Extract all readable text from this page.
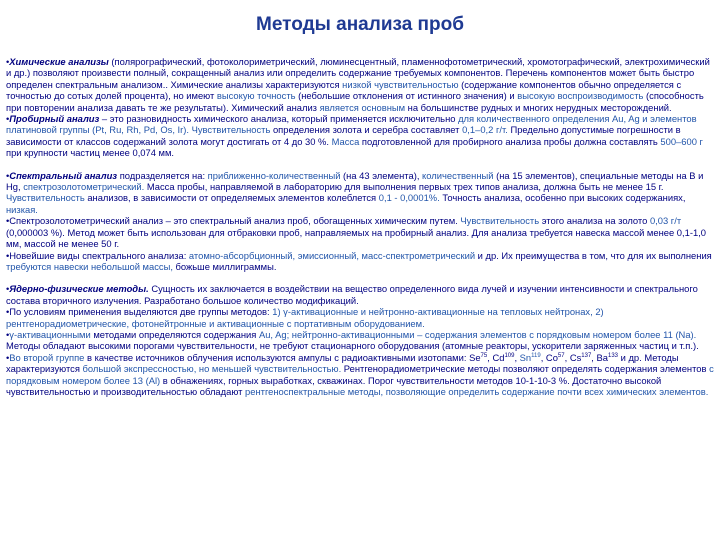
Методы анализа проб

•Химические анализы (полярографический, фотоколориметрический, люминесцентный, пламеннофотометрический, хромотографический, электрохимический и др.) позволяют произвести полный, сокращенный анализ или определить содержание требуемых компонентов. Перечень компонентов может быть быстро определен спектральным анализом.. Химические анализы характеризуются низкой чувствительностью (содержание компонентов обычно определяется с точностью до сотых долей процента), но имеют высокую точность (небольшие отклонения от истинного значения) и высокую воспроизводимость (способность при повторении анализа давать те же результаты). Химический анализ является основным на большинстве рудных и многих нерудных месторождений.

•Пробирный анализ – это разновидность химического анализа, который применяется исключительно для количественного определения Au, Ag и элементов платиновой группы (Pt, Ru, Rh, Pd, Os, Ir). Чувствительность определения золота и серебра составляет 0,1–0,2 г/т. Предельно допустимые погрешности в зависимости от классов содержаний золота могут достигать от 4 до 30 %. Масса подготовленной для пробирного анализа пробы должна составлять 500–600 г при крупности частиц менее 0,074 мм.

•Спектральный анализ подразделяется на: приближенно-количественный (на 43 элемента), количественный (на 15 элементов), специальные методы на В и Hg, спектрозолотометрический. Масса пробы, направляемой в лабораторию для выполнения первых трех типов анализа, должна быть не менее 15 г. Чувствительность анализов, в зависимости от определяемых элементов колеблется 0,1 - 0,0001%. Точность анализа, особенно при высоких содержаниях, низкая.

•Спектрозолотометрический анализ – это спектральный анализ проб, обогащенных химическим путем. Чувствительность этого анализа на золото 0,03 г/т (0,000003 %). Метод может быть использован для отбраковки проб, направляемых на пробирный анализ. Для анализа требуется навеска массой менее 0,1-1,0 мм, массой не менее 50 г.

•Новейшие виды спектрального анализа: атомно-абсорбционный, эмиссионный, масс-спектрометрический и др. Их преимущества в том, что для их выполнения требуются навески небольшой массы, божьше миллиграммы.

•Ядерно-физические методы. Сущность их заключается в воздействии на вещество определенного вида лучей и изучении интенсивности и спектрального состава вторичного излучения. Разработано большое количество модификаций.

•По условиям применения выделяются две группы методов: 1) γ-активационные и нейтронно-активационные на тепловых нейтронах, 2) рентгенорадиометрические, фотонейтронные и активационные с портативным оборудованием.

•γ-активационными методами определяются содержания Au, Ag; нейтронно-активационными – содержания элементов с порядковым номером более 11 (Na). Методы обладают высокими порогами чувствительности, не требуют стационарного оборудования (атомные реакторы, ускорители заряженных частиц и т.п.).

•Во второй группе в качестве источников облучения используются ампулы с радиоактивными изотопами: Se$^{75}$, Cd$^{109}$, Sn$^{119}$, Co$^{57}$, Cs$^{137}$, Ba$^{133}$ и др. Методы характеризуются большой экспрессностью, но меньшей чувствительностью. Рентгенорадиометрические методы позволяют определять содержания элементов с порядковым номером более 13 (Al) в обнажениях, горных выработках, скважинах. Порог чувствительности методов 10-1-10-3 %. Достаточно высокой чувствительностью и производительностью обладают рентгеноспектральные методы, позволяющие определить содержание почти всех химических элементов.
